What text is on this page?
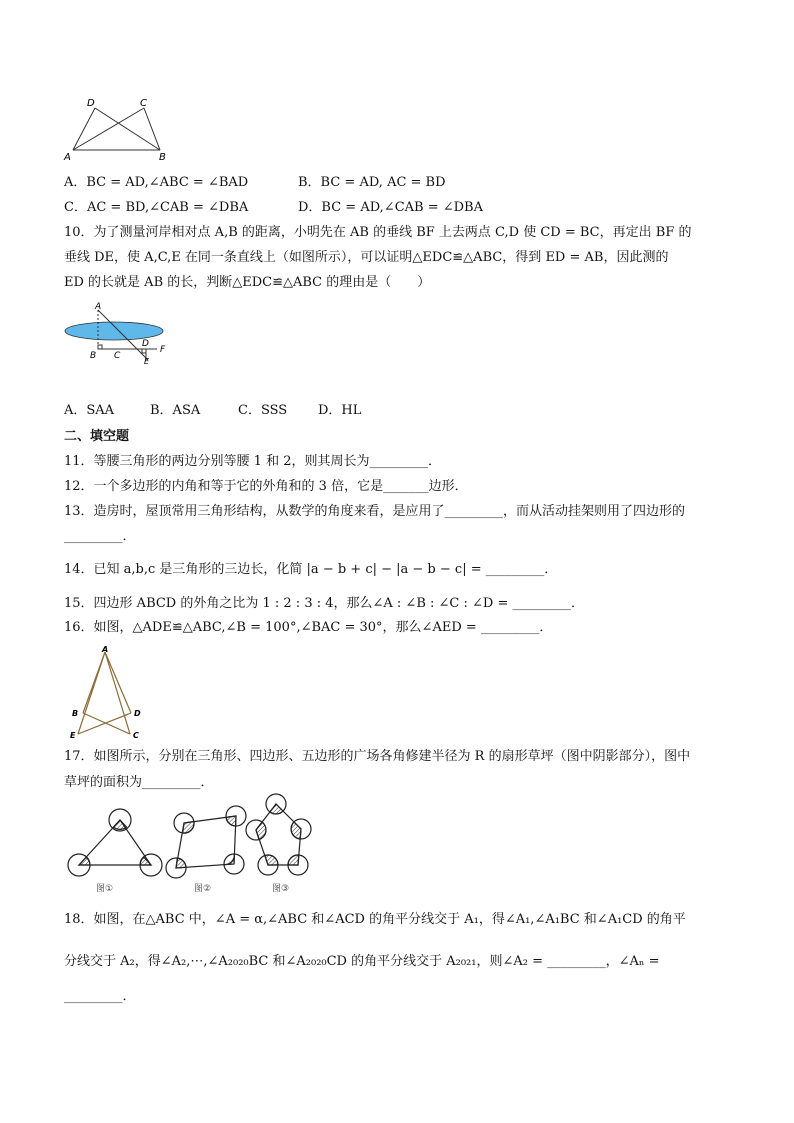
D	C
A	B
A．BC = AD,∠ABC = ∠BAD	B．BC = AD, AC = BD
C．AC = BD,∠CAB = ∠DBA	D．BC = AD,∠CAB = ∠DBA
10．为了测量河岸相对点 A,B 的距离，小明先在 AB 的垂线 BF 上去两点 C,D 使 CD = BC，再定出 BF 的
垂线 DE，使 A,C,E 在同一条直线上（如图所示），可以证明△EDC≌△ABC，得到 ED = AB，因此测的
ED 的长就是 AB 的长，判断△EDC≌△ABC 的理由是（　　）
A
B C
D
F
E
A．SAA	B．ASA	C．SSS D．HL
二、填空题
11．等腰三角形的两边分别等腰 1 和 2，则其周长为_________．
12．一个多边形的内角和等于它的外角和的 3 倍，它是_______边形．
13．造房时，屋顶常用三角形结构，从数学的角度来看，是应用了_________，而从活动挂架则用了四边形的
_________．
14．已知 a,b,c 是三角形的三边长，化简 |a − b + c| − |a − b − c| = _________．
15．四边形 ABCD 的外角之比为 1 : 2 : 3 : 4，那么∠A : ∠B : ∠C : ∠D = _________．
16．如图，△ADE≌△ABC,∠B = 100°,∠BAC = 30°，那么∠AED = _________．
A
B	D
E	C
17．如图所示，分别在三角形、四边形、五边形的广场各角修建半径为 R 的扇形草坪（图中阴影部分），图中
草坪的面积为_________．
图①	图②	图③
18．如图，在△ABC 中，∠A = α,∠ABC 和∠ACD 的角平分线交于 A₁，得∠A₁,∠A₁BC 和∠A₁CD 的角平
分线交于 A₂，得∠A₂,⋯,∠A₂₀₂₀BC 和∠A₂₀₂₀CD 的角平分线交于 A₂₀₂₁，则∠A₂ = _________，∠Aₙ =
_________．
